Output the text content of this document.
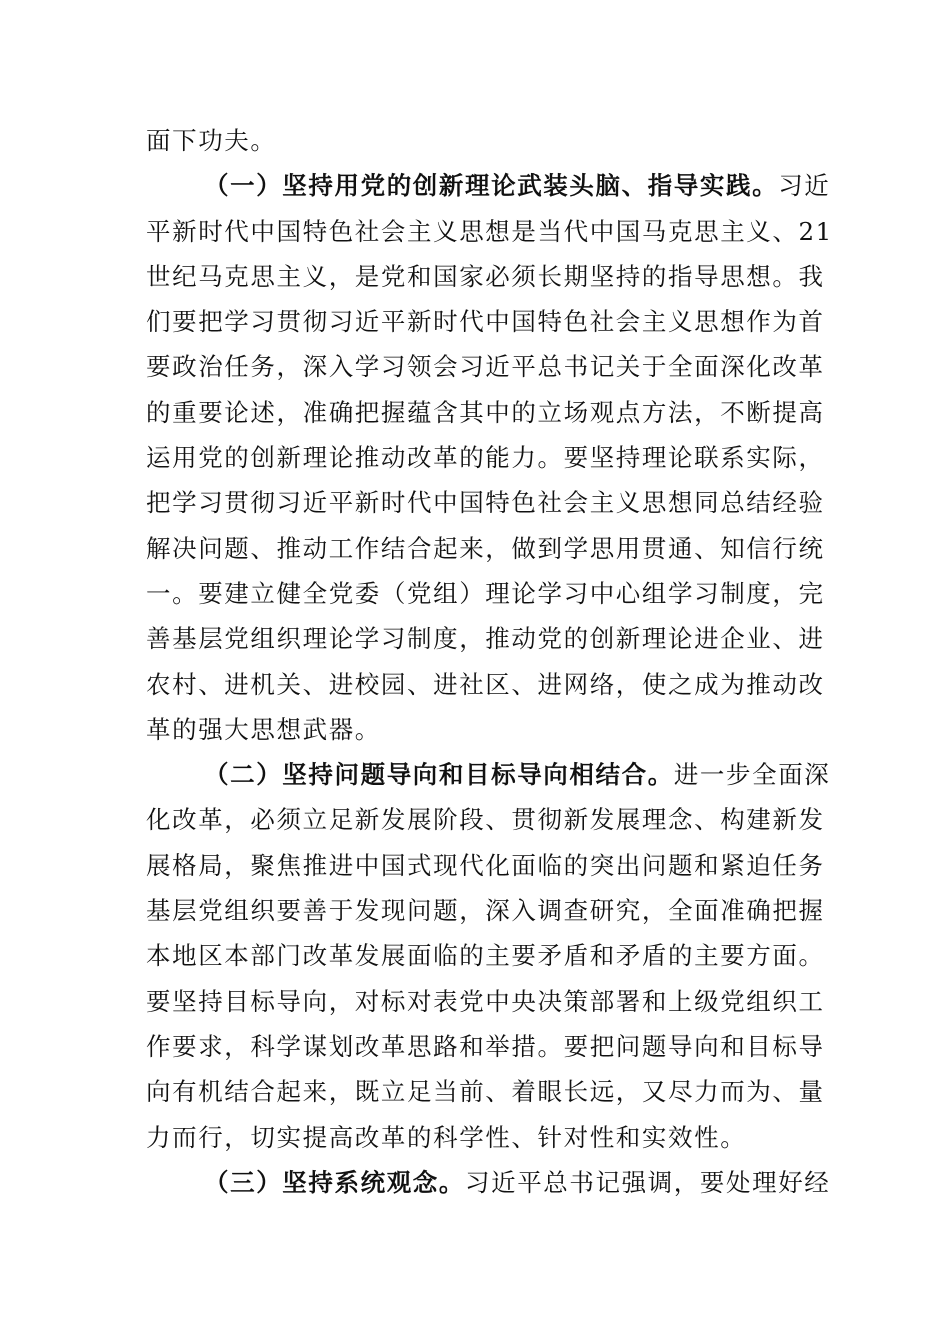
面下功夫。
（一）坚持用党的创新理论武装头脑、指导实践。习近
平新时代中国特色社会主义思想是当代中国马克思主义、21
世纪马克思主义，是党和国家必须长期坚持的指导思想。我
们要把学习贯彻习近平新时代中国特色社会主义思想作为首
要政治任务，深入学习领会习近平总书记关于全面深化改革
的重要论述，准确把握蕴含其中的立场观点方法，不断提高
运用党的创新理论推动改革的能力。要坚持理论联系实际，
把学习贯彻习近平新时代中国特色社会主义思想同总结经验
解决问题、推动工作结合起来，做到学思用贯通、知信行统
一。要建立健全党委（党组）理论学习中心组学习制度，完
善基层党组织理论学习制度，推动党的创新理论进企业、进
农村、进机关、进校园、进社区、进网络，使之成为推动改
革的强大思想武器。
（二）坚持问题导向和目标导向相结合。进一步全面深
化改革，必须立足新发展阶段、贯彻新发展理念、构建新发
展格局，聚焦推进中国式现代化面临的突出问题和紧迫任务
基层党组织要善于发现问题，深入调查研究，全面准确把握
本地区本部门改革发展面临的主要矛盾和矛盾的主要方面。
要坚持目标导向，对标对表党中央决策部署和上级党组织工
作要求，科学谋划改革思路和举措。要把问题导向和目标导
向有机结合起来，既立足当前、着眼长远，又尽力而为、量
力而行，切实提高改革的科学性、针对性和实效性。
（三）坚持系统观念。习近平总书记强调，要处理好经
